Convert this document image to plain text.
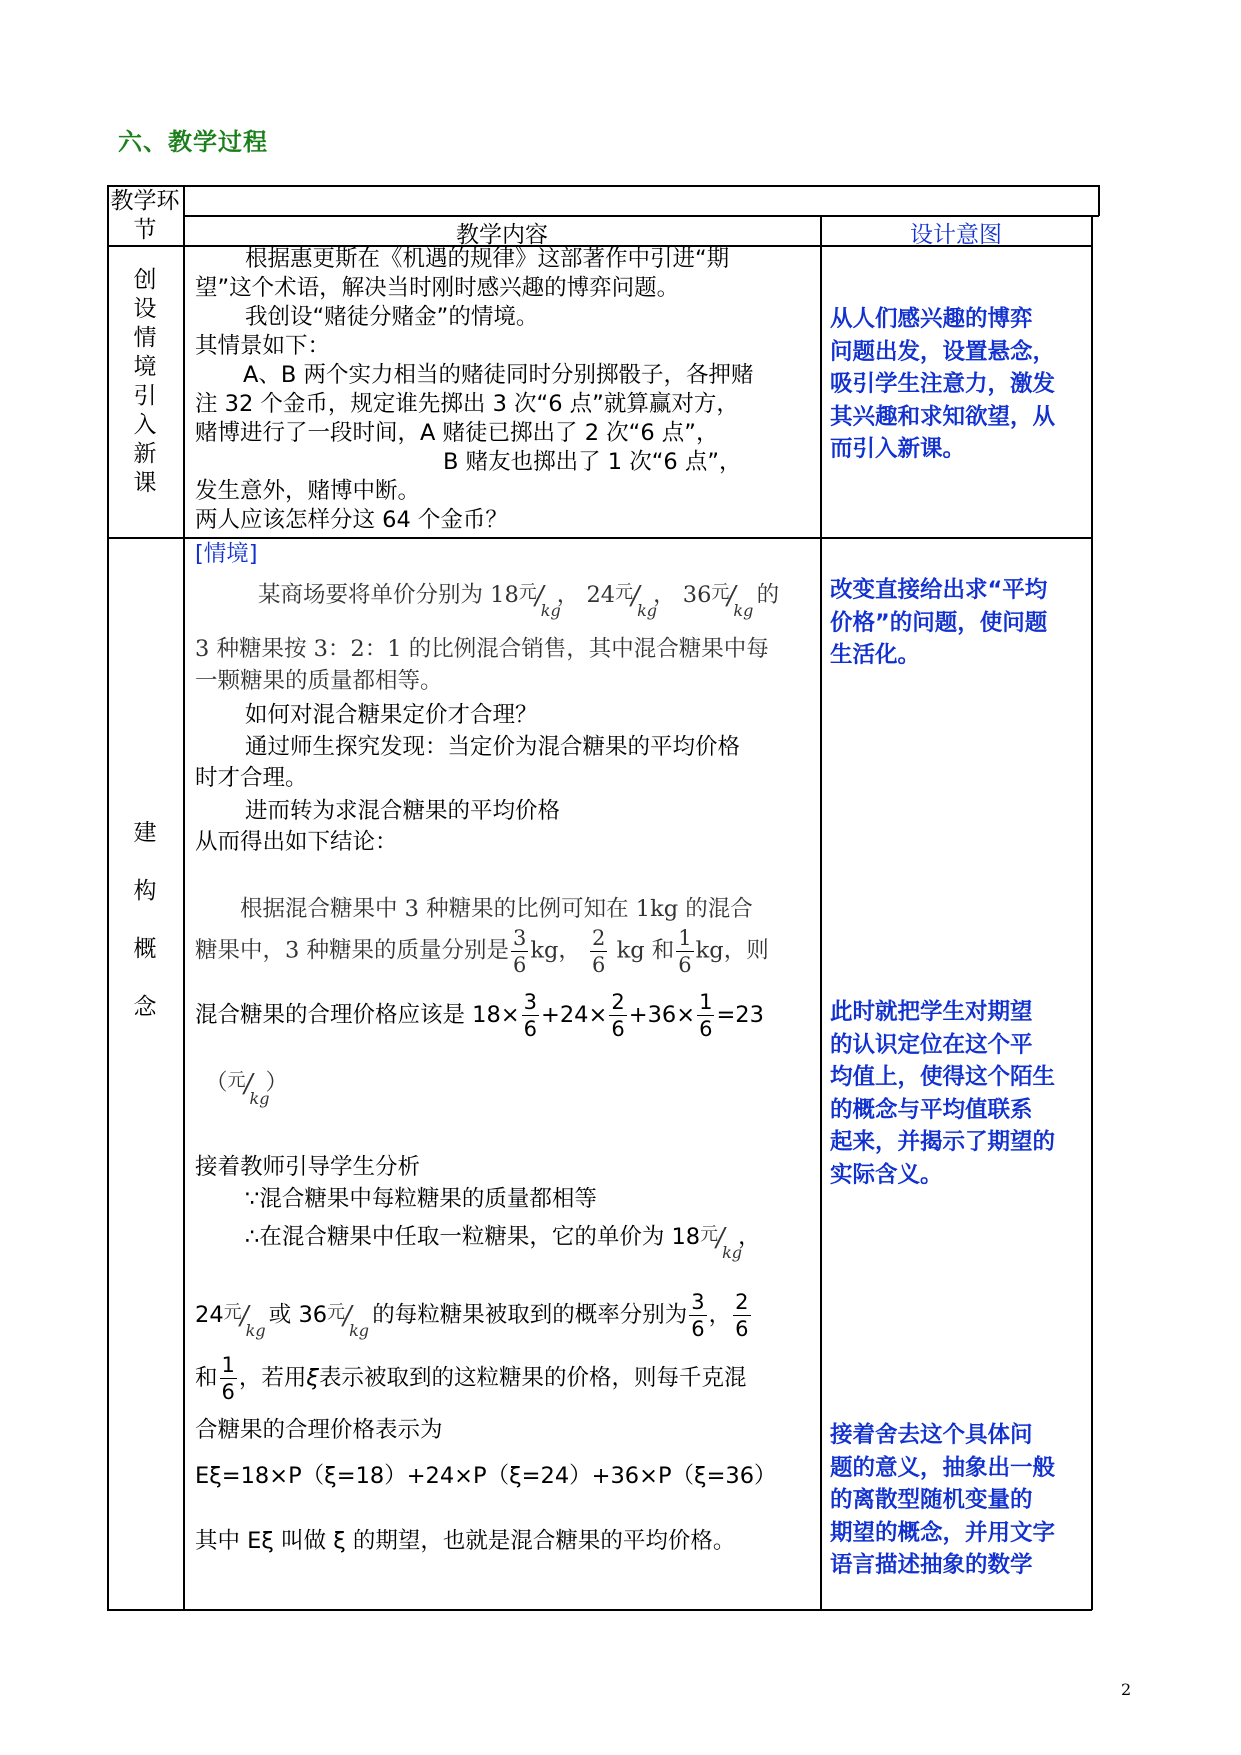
六、教学过程
教学环节	教学内容	设计意图
创设情境引入新课

根据惠更斯在《机遇的规律》这部著作中引进“期

望”这个术语，解决当时刚时感兴趣的博弈问题。

我创设“赌徒分赌金”的情境。

其情景如下：

A、B 两个实力相当的赌徒同时分别掷骰子，各押赌

注 32 个金币，规定谁先掷出 3 次“6 点”就算赢对方，

赌博进行了一段时间，A 赌徒已掷出了 2 次“6 点”，

B 赌友也掷出了 1 次“6 点”，

发生意外，赌博中断。

两人应该怎样分这 64 个金币？

从人们感兴趣的博弈

问题出发，设置悬念，

吸引学生注意力，激发

其兴趣和求知欲望，从

而引入新课。

建构概念
[情境]
某商场要将单价分别为 18 元
/
kg
， 24 元
/
kg
， 36 元
/
kg
的
3 种糖果按 3：2：1 的比例混合销售，其中混合糖果中每
一颗糖果的质量都相等。
如何对混合糖果定价才合理？
通过师生探究发现：当定价为混合糖果的平均价格
时才合理。
进而转为求混合糖果的平均价格
从而得出如下结论：
根据混合糖果中 3 种糖果的比例可知在 1kg 的混合
糖果中，3 种糖果的质量分别是 $\frac{3}{6}$ kg， $\frac{2}{6}$ kg 和 $\frac{1}{6}$ kg，则
混合糖果的合理价格应该是 $18\times \frac{3}{6} +24\times \frac{2}{6} +36\times \frac{1}{6} =23$
（ 元
/
kg
）
接着教师引导学生分析
∵混合糖果中每粒糖果的质量都相等
∴在混合糖果中任取一粒糖果，它的单价为 18 元
/
kg
，
24 元
/
kg
或 36 元
/
kg
的每粒糖果被取到的概率分别为 $\frac{3}{6}$ ， $\frac{2}{6}$
和 $\frac{1}{6}$ ，若用ξ表示被取到的这粒糖果的价格，则每千克混
合糖果的合理价格表示为
Eξ=18×P（ξ=18）+24×P（ξ=24）+36×P（ξ=36）
其中 Eξ 叫做 ξ 的期望，也就是混合糖果的平均价格。

改变直接给出求“平均

价格”的问题，使问题

生活化。

此时就把学生对期望

的认识定位在这个平

均值上，使得这个陌生

的概念与平均值联系

起来，并揭示了期望的

实际含义。

接着舍去这个具体问

题的意义，抽象出一般

的离散型随机变量的

期望的概念，并用文字

语言描述抽象的数学

2
